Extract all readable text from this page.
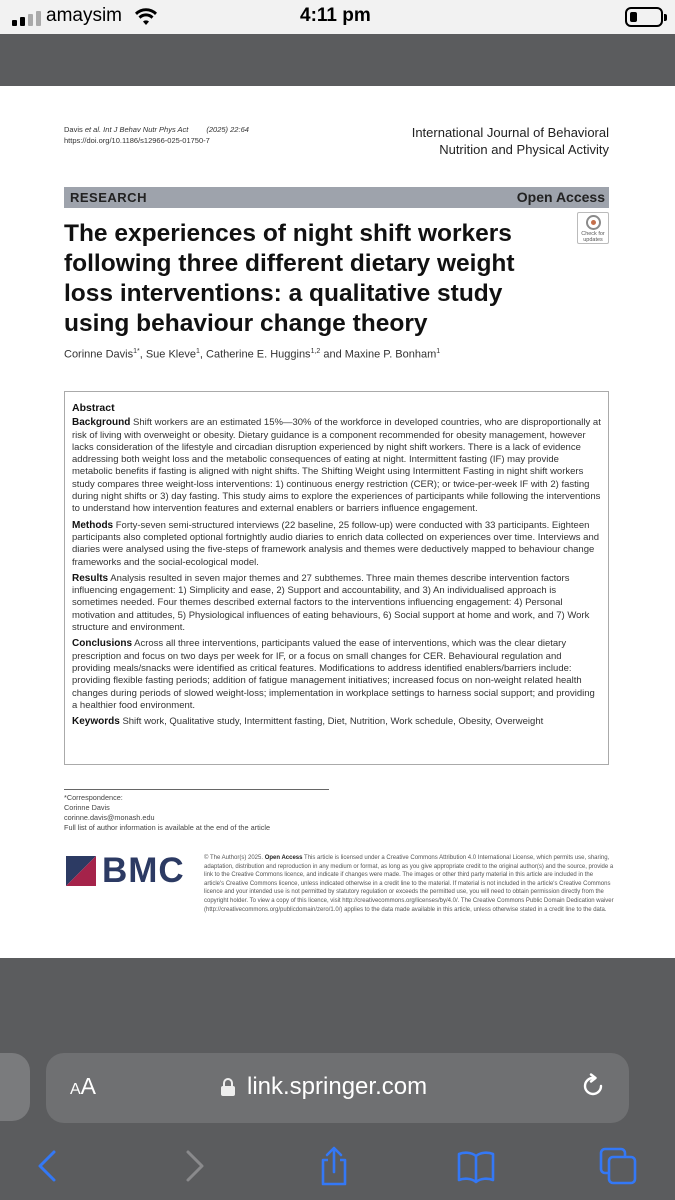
amaysim	4:11 pm
Davis et al. Int J Behav Nutr Phys Act (2025) 22:64
https://doi.org/10.1186/s12966-025-01750-7
International Journal of Behavioral Nutrition and Physical Activity
RESEARCH	Open Access
Check for updates
The experiences of night shift workers following three different dietary weight loss interventions: a qualitative study using behaviour change theory
Corinne Davis$^{1*}$, Sue Kleve$^1$, Catherine E. Huggins$^{1,2}$ and Maxine P. Bonham$^1$
Abstract

Background Shift workers are an estimated 15%—30% of the workforce in developed countries, who are disproportionally at risk of living with overweight or obesity. Dietary guidance is a component recommended for obesity management, however lacks consideration of the lifestyle and circadian disruption experienced by night shift workers. There is a lack of evidence addressing both weight loss and the metabolic consequences of eating at night. Intermittent fasting (IF) may provide metabolic benefits if fasting is aligned with night shifts. The Shifting Weight using Intermittent Fasting in night shift workers study compares three weight-loss interventions: 1) continuous energy restriction (CER); or twice-per-week IF with 2) fasting during night shifts or 3) day fasting. This study aims to explore the experiences of participants while following the interventions to understand how intervention features and external enablers or barriers influence engagement.

Methods Forty-seven semi-structured interviews (22 baseline, 25 follow-up) were conducted with 33 participants. Eighteen participants also completed optional fortnightly audio diaries to enrich data collected on experiences over time. Interviews and diaries were analysed using the five-steps of framework analysis and themes were deductively mapped to behaviour change frameworks and the social-ecological model.

Results Analysis resulted in seven major themes and 27 subthemes. Three main themes describe intervention factors influencing engagement: 1) Simplicity and ease, 2) Support and accountability, and 3) An individualised approach is sometimes needed. Four themes described external factors to the interventions influencing engagement: 4) Personal motivation and attitudes, 5) Physiological influences of eating behaviours, 6) Social support at home and work, and 7) Work structure and environment.

Conclusions Across all three interventions, participants valued the ease of interventions, which was the clear dietary prescription and focus on two days per week for IF, or a focus on small changes for CER. Behavioural regulation and providing meals/snacks were identified as critical features. Modifications to address identified enablers/barriers include: providing flexible fasting periods; addition of fatigue management initiatives; increased focus on non-weight related health changes during periods of slowed weight-loss; implementation in workplace settings to harness social support; and providing a healthier food environment.

Keywords Shift work, Qualitative study, Intermittent fasting, Diet, Nutrition, Work schedule, Obesity, Overweight

*Correspondence:
Corinne Davis
corinne.davis@monash.edu
Full list of author information is available at the end of the article
BMC	© The Author(s) 2025. Open Access This article is licensed under a Creative Commons Attribution 4.0 International License, which permits use, sharing, adaptation, distribution and reproduction in any medium or format, as long as you give appropriate credit to the original author(s) and the source, provide a link to the Creative Commons licence, and indicate if changes were made. The images or other third party material in this article are included in the article's Creative Commons licence, unless indicated otherwise in a credit line to the material. If material is not included in the article's Creative Commons licence and your intended use is not permitted by statutory regulation or exceeds the permitted use, you will need to obtain permission directly from the copyright holder. To view a copy of this licence, visit http://creativecommons.org/licenses/by/4.0/. The Creative Commons Public Domain Dedication waiver (http://creativecommons.org/publicdomain/zero/1.0/) applies to the data made available in this article, unless otherwise stated in a credit line to the data.
AA	link.springer.com
